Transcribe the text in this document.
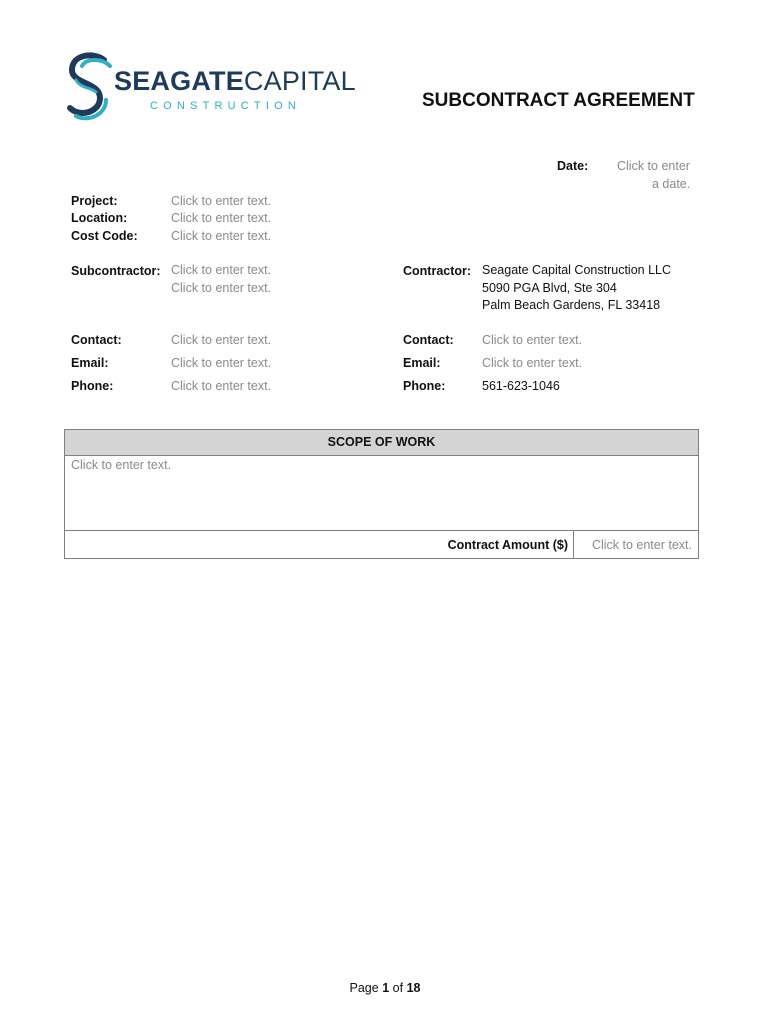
SEAGATECAPITAL
CONSTRUCTION	SUBCONTRACT AGREEMENT
Date: Click to enter
a date.
Project:	Click to enter text.
Location:	Click to enter text.
Cost Code:	Click to enter text.
Subcontractor: Click to enter text.
Click to enter text.
Contractor: Seagate Capital Construction LLC
5090 PGA Blvd, Ste 304
Palm Beach Gardens, FL 33418
Contact:	Click to enter text.
Email:	Click to enter text.
Phone:	Click to enter text.
Contact: Click to enter text.
Email:	Click to enter text.
Phone:	561-623-1046
SCOPE OF WORK
Click to enter text.
Contract Amount ($) Click to enter text.
Page 1 of 18
